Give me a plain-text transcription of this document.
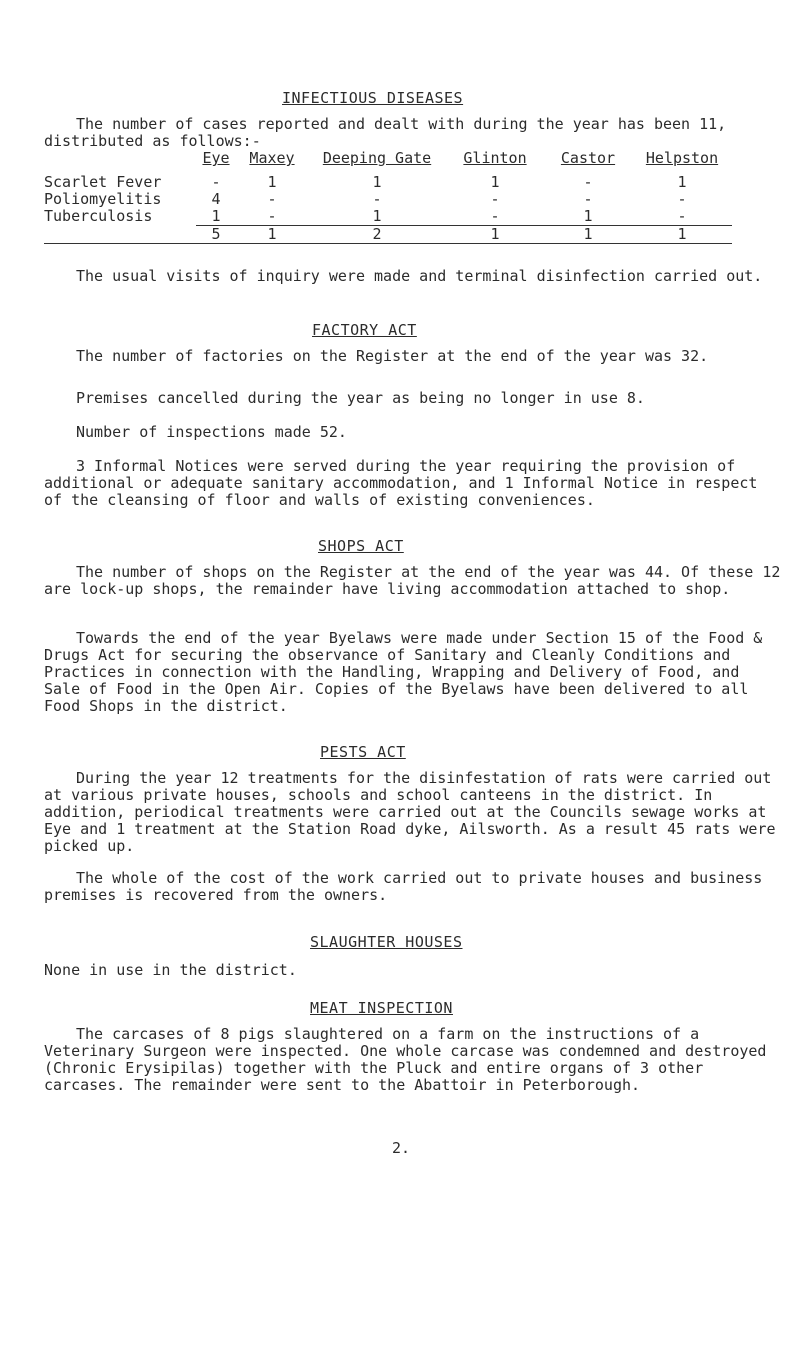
INFECTIOUS DISEASES
The number of cases reported and dealt with during the year has been 11, distributed as follows:-
	Eye	Maxey	Deeping Gate	Glinton	Castor	Helpston
Scarlet Fever	-	1	1	1	-	1
Poliomyelitis	4	-	-	-	-	-
Tuberculosis	1	-	1	-	1	-
	5	1	2	1	1	1
The usual visits of inquiry were made and terminal disinfection carried out.
FACTORY ACT
The number of factories on the Register at the end of the year was 32.
Premises cancelled during the year as being no longer in use 8.
Number of inspections made 52.
3 Informal Notices were served during the year requiring the provision of additional or adequate sanitary accommodation, and 1 Informal Notice in respect of the cleansing of floor and walls of existing conveniences.
SHOPS ACT
The number of shops on the Register at the end of the year was 44. Of these 12 are lock-up shops, the remainder have living accommodation attached to shop.
Towards the end of the year Byelaws were made under Section 15 of the Food & Drugs Act for securing the observance of Sanitary and Cleanly Conditions and Practices in connection with the Handling, Wrapping and Delivery of Food, and Sale of Food in the Open Air. Copies of the Byelaws have been delivered to all Food Shops in the district.
PESTS ACT
During the year 12 treatments for the disinfestation of rats were carried out at various private houses, schools and school canteens in the district. In addition, periodical treatments were carried out at the Councils sewage works at Eye and 1 treatment at the Station Road dyke, Ailsworth. As a result 45 rats were picked up.
The whole of the cost of the work carried out to private houses and business premises is recovered from the owners.
SLAUGHTER HOUSES
None in use in the district.
MEAT INSPECTION
The carcases of 8 pigs slaughtered on a farm on the instructions of a Veterinary Surgeon were inspected. One whole carcase was condemned and destroyed (Chronic Erysipilas) together with the Pluck and entire organs of 3 other carcases. The remainder were sent to the Abattoir in Peterborough.
2.
